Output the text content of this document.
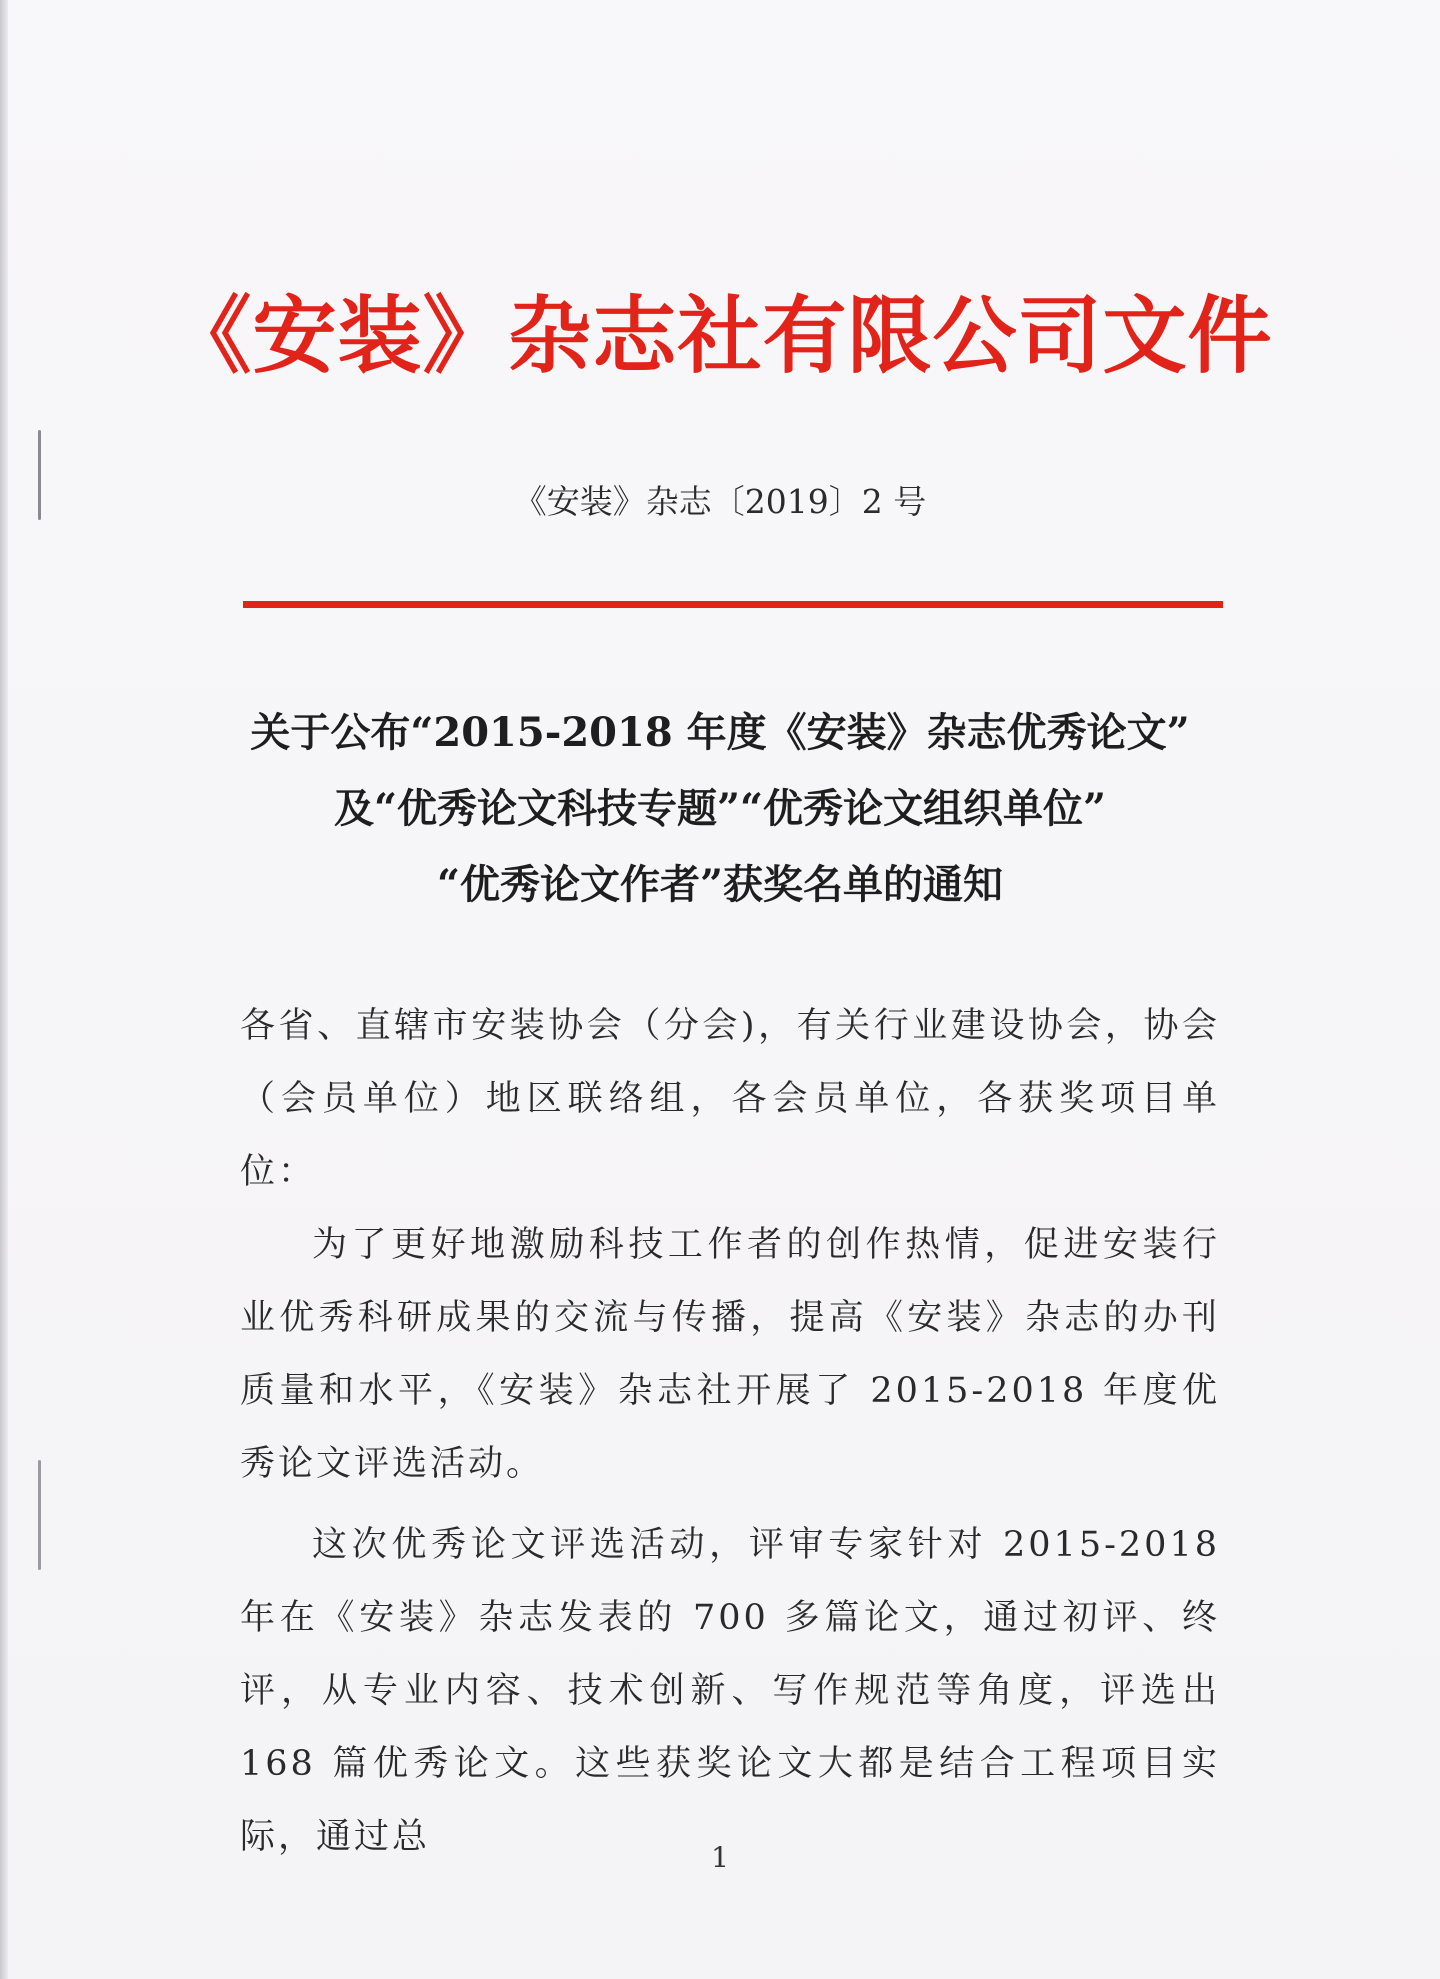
《安装》杂志社有限公司文件
《安装》杂志〔2019〕2 号
关于公布“2015-2018 年度《安装》杂志优秀论文”
及“优秀论文科技专题”“优秀论文组织单位”
“优秀论文作者”获奖名单的通知

各省、直辖市安装协会（分会)，有关行业建设协会，协会（会员单位）地区联络组，各会员单位，各获奖项目单位：

为了更好地激励科技工作者的创作热情，促进安装行业优秀科研成果的交流与传播，提高《安装》杂志的办刊质量和水平，《安装》杂志社开展了 2015-2018 年度优秀论文评选活动。

这次优秀论文评选活动，评审专家针对 2015-2018 年在《安装》杂志发表的 700 多篇论文，通过初评、终评，从专业内容、技术创新、写作规范等角度，评选出 168 篇优秀论文。这些获奖论文大都是结合工程项目实际，通过总

1
